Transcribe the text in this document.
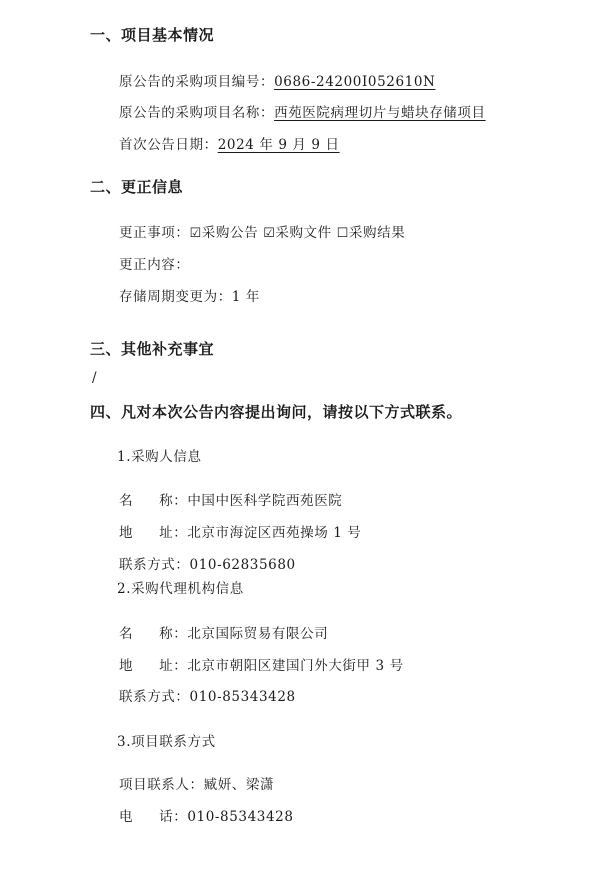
一、项目基本情况
原公告的采购项目编号：0686-24200I052610N
原公告的采购项目名称：西苑医院病理切片与蜡块存储项目
首次公告日期：2024 年 9 月 9 日
二、更正信息
更正事项：☑采购公告 ☑采购文件 ☐采购结果
更正内容：
存储周期变更为：1 年
三、其他补充事宜
/
四、凡对本次公告内容提出询问，请按以下方式联系。
1.采购人信息
名 称：中国中医科学院西苑医院
地 址：北京市海淀区西苑操场 1 号
联系方式：010-62835680
2.采购代理机构信息
名 称：北京国际贸易有限公司
地 址：北京市朝阳区建国门外大街甲 3 号
联系方式：010-85343428
3.项目联系方式
项目联系人：臧妍、梁潇
电 话：010-85343428
